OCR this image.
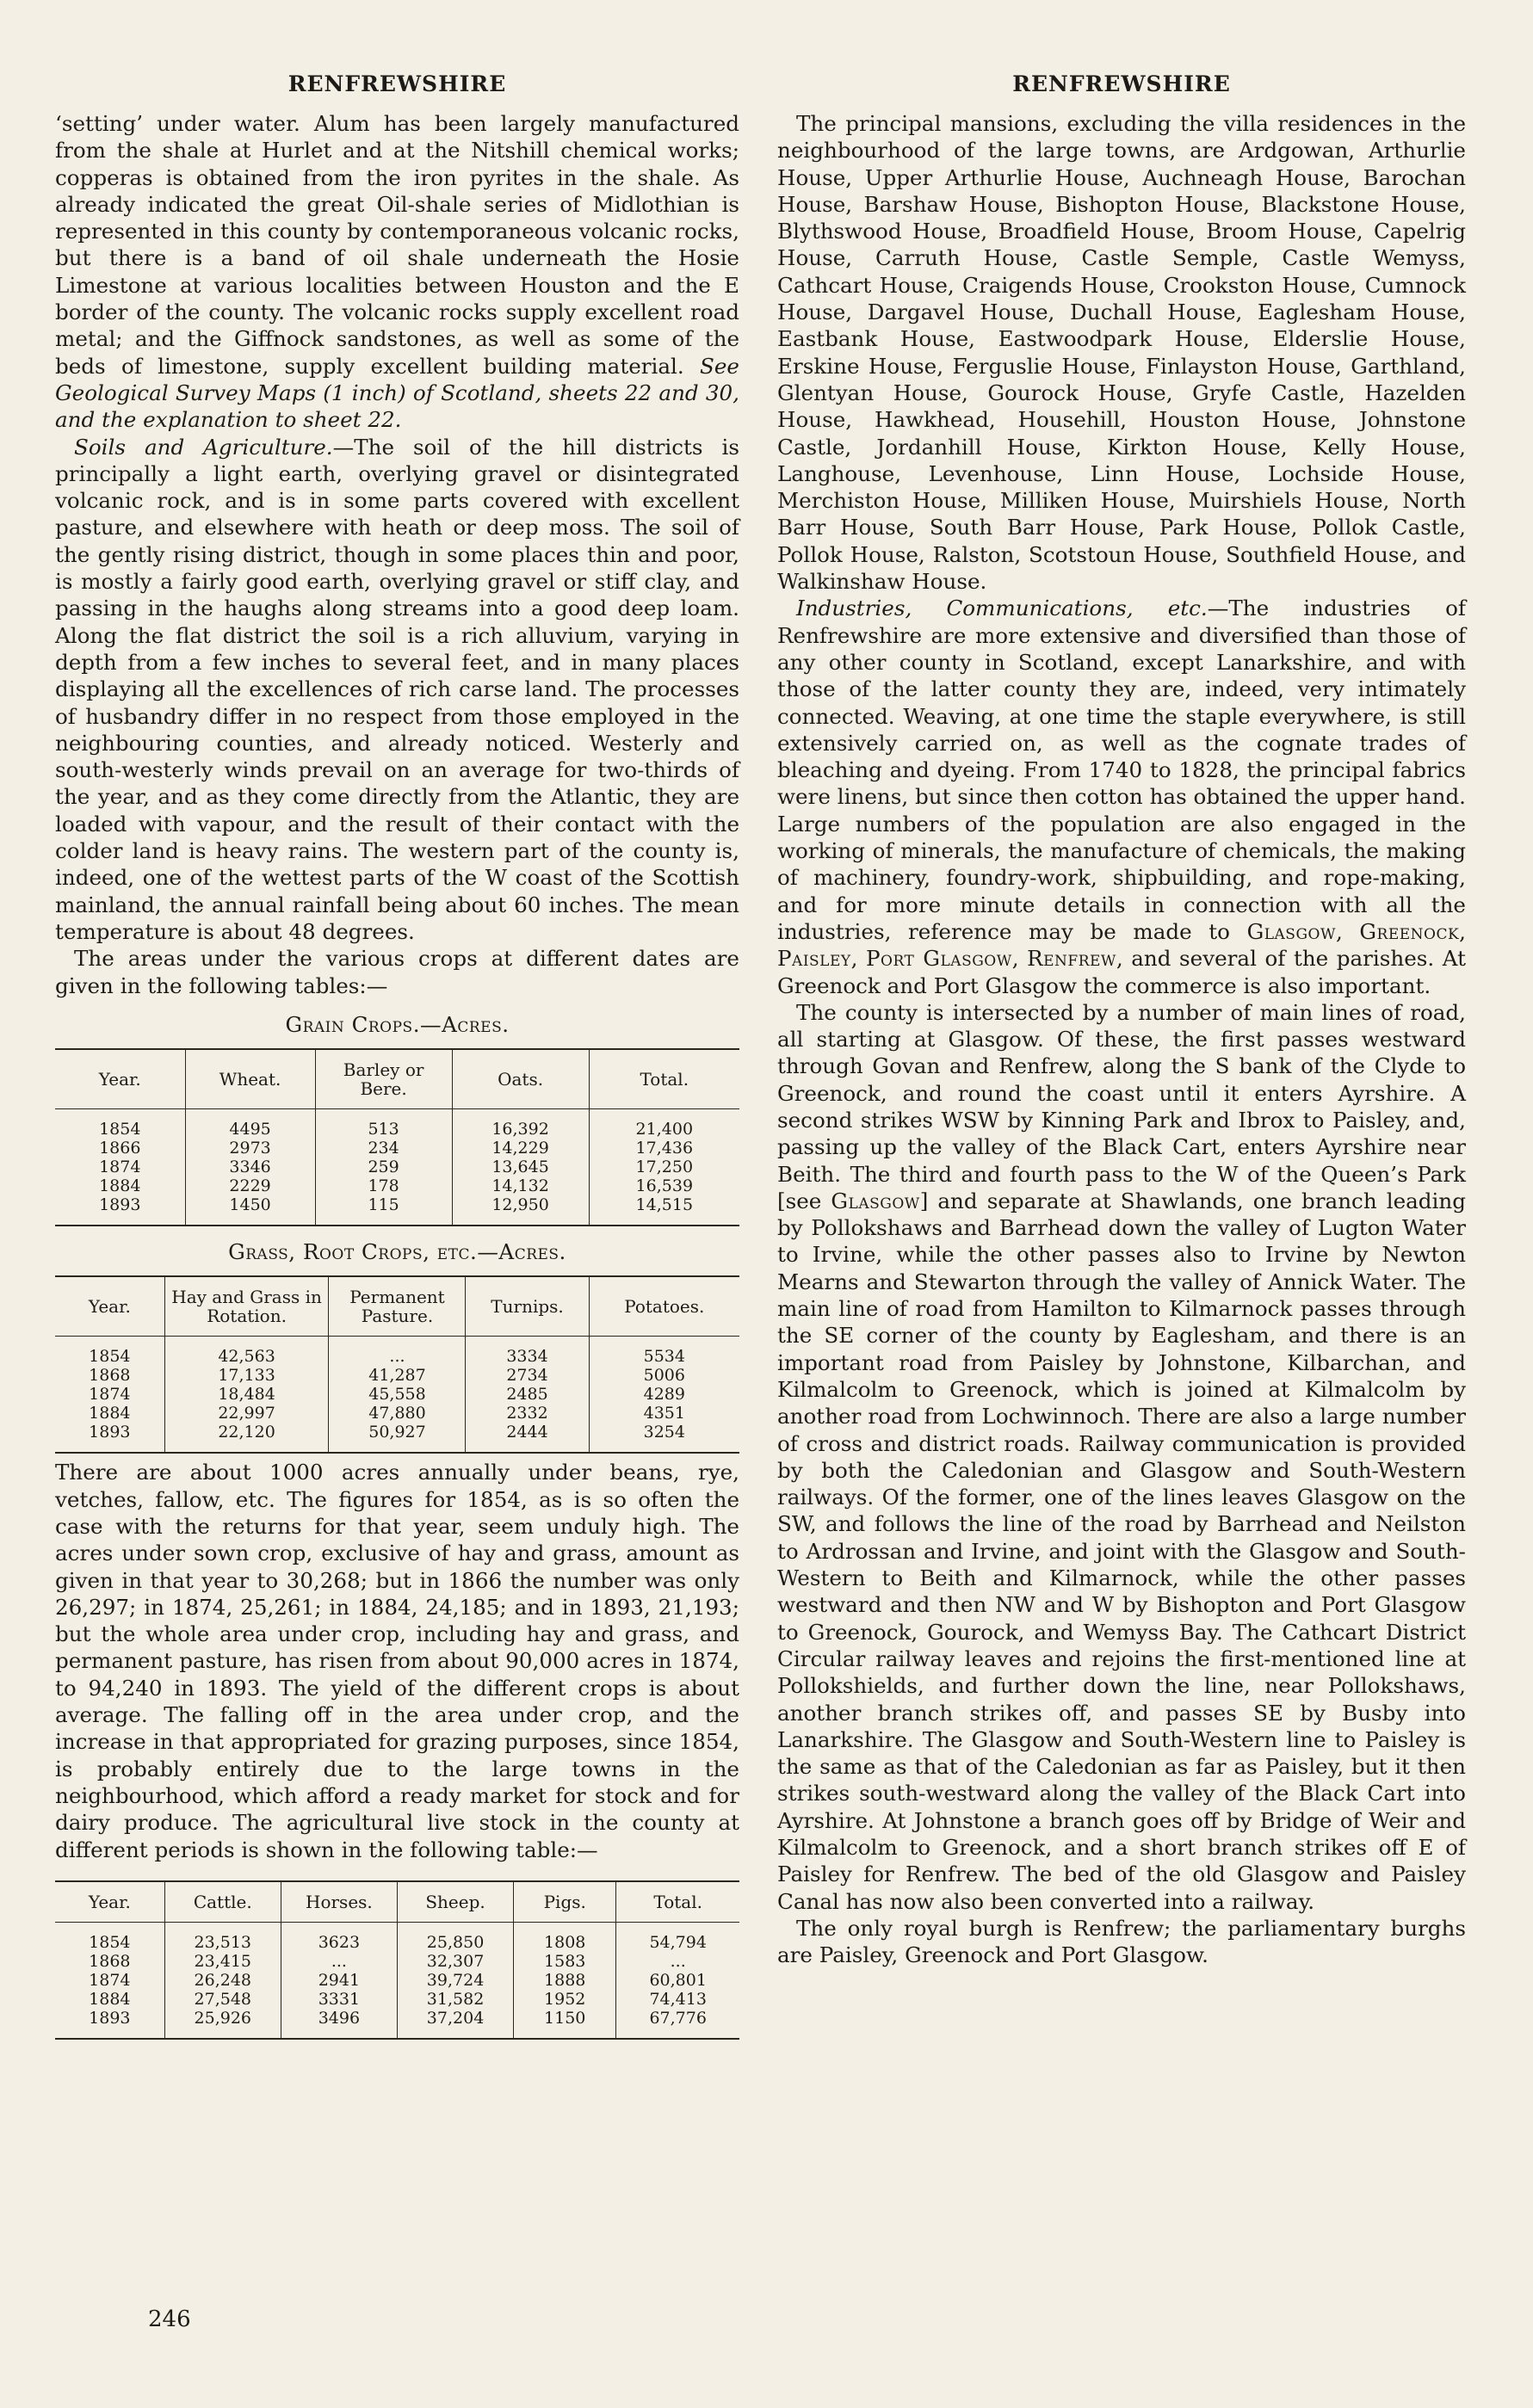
RENFREWSHIRE

‘setting’ under water. Alum has been largely manufactured from the shale at Hurlet and at the Nitshill chemical works; copperas is obtained from the iron pyrites in the shale. As already indicated the great Oil-shale series of Midlothian is represented in this county by contemporaneous volcanic rocks, but there is a band of oil shale underneath the Hosie Limestone at various localities between Houston and the E border of the county. The volcanic rocks supply excellent road metal; and the Giffnock sandstones, as well as some of the beds of limestone, supply excellent building material. See Geological Survey Maps (1 inch) of Scotland, sheets 22 and 30, and the explanation to sheet 22.

Soils and Agriculture.—The soil of the hill districts is principally a light earth, overlying gravel or disintegrated volcanic rock, and is in some parts covered with excellent pasture, and elsewhere with heath or deep moss. The soil of the gently rising district, though in some places thin and poor, is mostly a fairly good earth, overlying gravel or stiff clay, and passing in the haughs along streams into a good deep loam. Along the flat district the soil is a rich alluvium, varying in depth from a few inches to several feet, and in many places displaying all the excellences of rich carse land. The processes of husbandry differ in no respect from those employed in the neighbouring counties, and already noticed. Westerly and south-westerly winds prevail on an average for two-thirds of the year, and as they come directly from the Atlantic, they are loaded with vapour, and the result of their contact with the colder land is heavy rains. The western part of the county is, indeed, one of the wettest parts of the W coast of the Scottish mainland, the annual rainfall being about 60 inches. The mean temperature is about 48 degrees.

The areas under the various crops at different dates are given in the following tables:—

Grain Crops.—Acres.
Year.	Wheat.	Barley or Bere.	Oats.	Total.
1854	4495	513	16,392	21,400
1866	2973	234	14,229	17,436
1874	3346	259	13,645	17,250
1884	2229	178	14,132	16,539
1893	1450	115	12,950	14,515
Grass, Root Crops, etc.—Acres.
Year.	Hay and Grass in Rotation.	Permanent Pasture.	Turnips.	Potatoes.
1854	42,563	...	3334	5534
1868	17,133	41,287	2734	5006
1874	18,484	45,558	2485	4289
1884	22,997	47,880	2332	4351
1893	22,120	50,927	2444	3254

There are about 1000 acres annually under beans, rye, vetches, fallow, etc. The figures for 1854, as is so often the case with the returns for that year, seem unduly high. The acres under sown crop, exclusive of hay and grass, amount as given in that year to 30,268; but in 1866 the number was only 26,297; in 1874, 25,261; in 1884, 24,185; and in 1893, 21,193; but the whole area under crop, including hay and grass, and permanent pasture, has risen from about 90,000 acres in 1874, to 94,240 in 1893. The yield of the different crops is about average. The falling off in the area under crop, and the increase in that appropriated for grazing purposes, since 1854, is probably entirely due to the large towns in the neighbourhood, which afford a ready market for stock and for dairy produce. The agricultural live stock in the county at different periods is shown in the following table:—

Year.	Cattle.	Horses.	Sheep.	Pigs.	Total.
1854	23,513	3623	25,850	1808	54,794
1868	23,415	...	32,307	1583	...
1874	26,248	2941	39,724	1888	60,801
1884	27,548	3331	31,582	1952	74,413
1893	25,926	3496	37,204	1150	67,776
246
RENFREWSHIRE

The principal mansions, excluding the villa residences in the neighbourhood of the large towns, are Ardgowan, Arthurlie House, Upper Arthurlie House, Auchneagh House, Barochan House, Barshaw House, Bishopton House, Blackstone House, Blythswood House, Broadfield House, Broom House, Capelrig House, Carruth House, Castle Semple, Castle Wemyss, Cathcart House, Craigends House, Crookston House, Cumnock House, Dargavel House, Duchall House, Eaglesham House, Eastbank House, Eastwoodpark House, Elderslie House, Erskine House, Ferguslie House, Finlayston House, Garthland, Glentyan House, Gourock House, Gryfe Castle, Hazelden House, Hawkhead, Househill, Houston House, Johnstone Castle, Jordanhill House, Kirkton House, Kelly House, Langhouse, Levenhouse, Linn House, Lochside House, Merchiston House, Milliken House, Muirshiels House, North Barr House, South Barr House, Park House, Pollok Castle, Pollok House, Ralston, Scotstoun House, Southfield House, and Walkinshaw House.

Industries, Communications, etc.—The industries of Renfrewshire are more extensive and diversified than those of any other county in Scotland, except Lanarkshire, and with those of the latter county they are, indeed, very intimately connected. Weaving, at one time the staple everywhere, is still extensively carried on, as well as the cognate trades of bleaching and dyeing. From 1740 to 1828, the principal fabrics were linens, but since then cotton has obtained the upper hand. Large numbers of the population are also engaged in the working of minerals, the manufacture of chemicals, the making of machinery, foundry-work, shipbuilding, and rope-making, and for more minute details in connection with all the industries, reference may be made to Glasgow, Greenock, Paisley, Port Glasgow, Renfrew, and several of the parishes. At Greenock and Port Glasgow the commerce is also important.

The county is intersected by a number of main lines of road, all starting at Glasgow. Of these, the first passes westward through Govan and Renfrew, along the S bank of the Clyde to Greenock, and round the coast until it enters Ayrshire. A second strikes WSW by Kinning Park and Ibrox to Paisley, and, passing up the valley of the Black Cart, enters Ayrshire near Beith. The third and fourth pass to the W of the Queen’s Park [see Glasgow] and separate at Shawlands, one branch leading by Pollokshaws and Barrhead down the valley of Lugton Water to Irvine, while the other passes also to Irvine by Newton Mearns and Stewarton through the valley of Annick Water. The main line of road from Hamilton to Kilmarnock passes through the SE corner of the county by Eaglesham, and there is an important road from Paisley by Johnstone, Kilbarchan, and Kilmalcolm to Greenock, which is joined at Kilmalcolm by another road from Lochwinnoch. There are also a large number of cross and district roads. Railway communication is provided by both the Caledonian and Glasgow and South-Western railways. Of the former, one of the lines leaves Glasgow on the SW, and follows the line of the road by Barrhead and Neilston to Ardrossan and Irvine, and joint with the Glasgow and South-Western to Beith and Kilmarnock, while the other passes westward and then NW and W by Bishopton and Port Glasgow to Greenock, Gourock, and Wemyss Bay. The Cathcart District Circular railway leaves and rejoins the first-mentioned line at Pollokshields, and further down the line, near Pollokshaws, another branch strikes off, and passes SE by Busby into Lanarkshire. The Glasgow and South-Western line to Paisley is the same as that of the Caledonian as far as Paisley, but it then strikes south-westward along the valley of the Black Cart into Ayrshire. At Johnstone a branch goes off by Bridge of Weir and Kilmalcolm to Greenock, and a short branch strikes off E of Paisley for Renfrew. The bed of the old Glasgow and Paisley Canal has now also been converted into a railway.

The only royal burgh is Renfrew; the parliamentary burghs are Paisley, Greenock and Port Glasgow.
